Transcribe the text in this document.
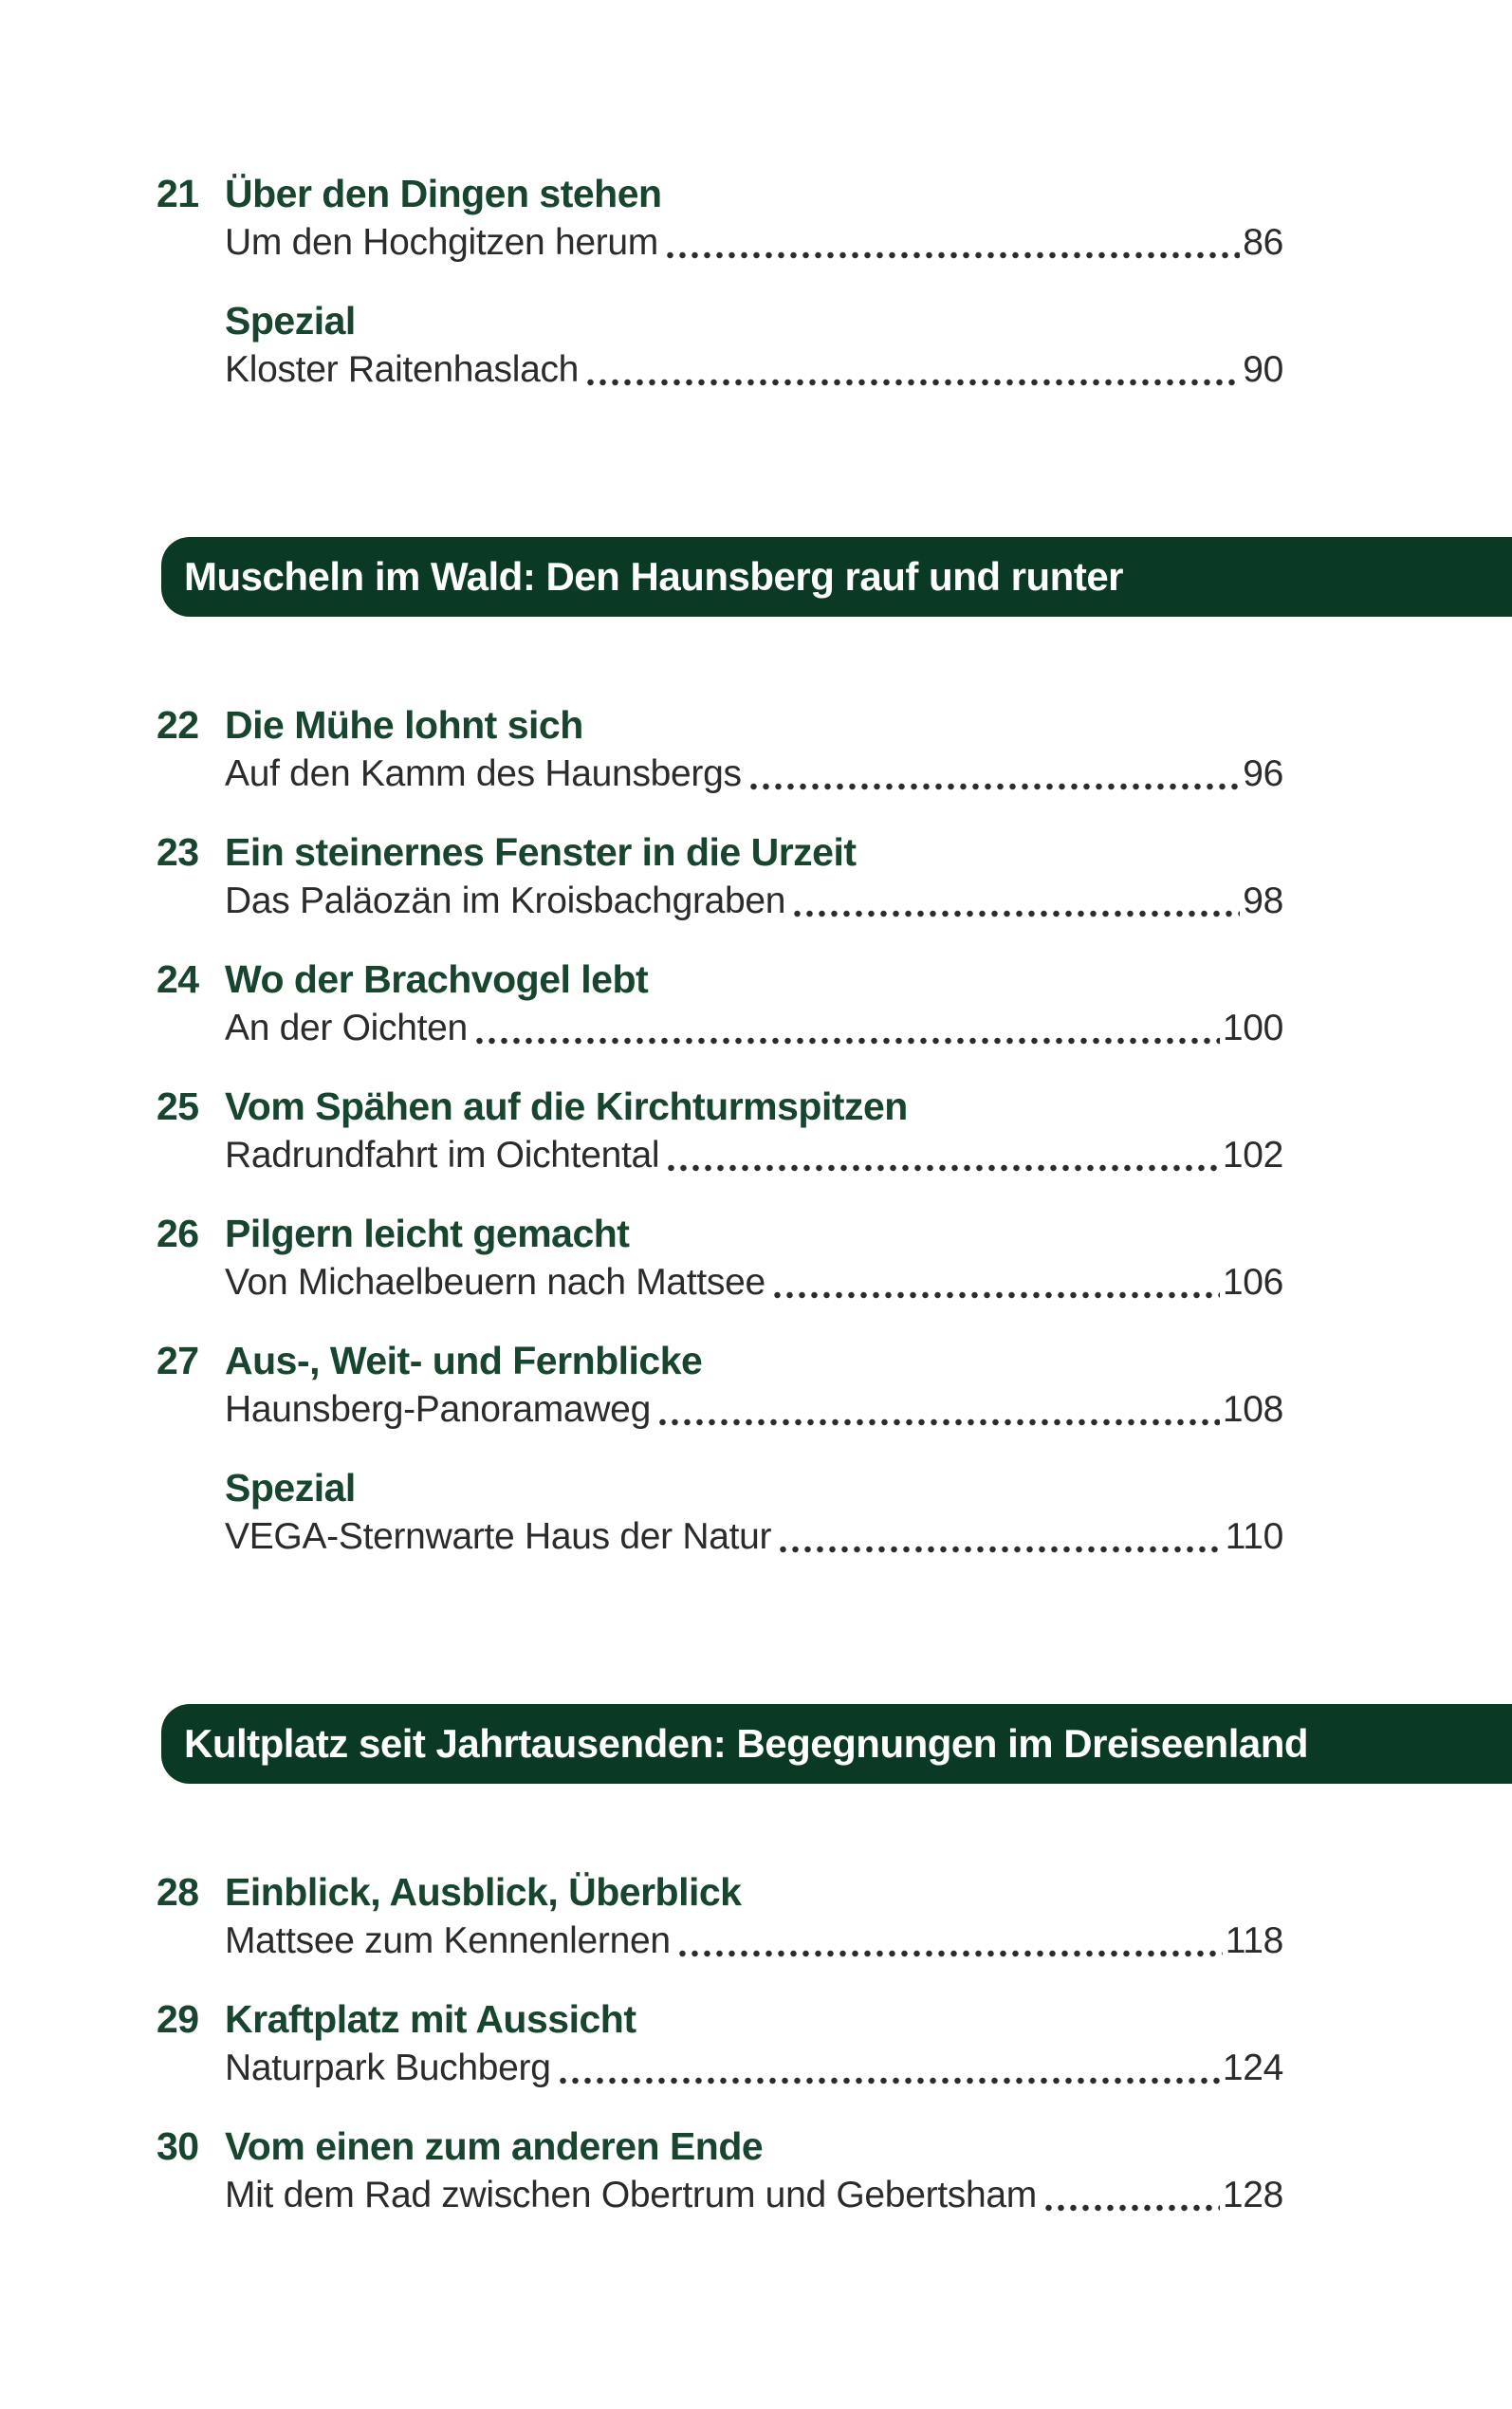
21 Über den Dingen stehen
Um den Hochgitzen herum	86
Spezial
Kloster Raitenhaslach	90
Muscheln im Wald: Den Haunsberg rauf und runter
22 Die Mühe lohnt sich
Auf den Kamm des Haunsbergs	96
23 Ein steinernes Fenster in die Urzeit
Das Paläozän im Kroisbachgraben	98
24 Wo der Brachvogel lebt
An der Oichten	100
25 Vom Spähen auf die Kirchturmspitzen
Radrundfahrt im Oichtental	102
26 Pilgern leicht gemacht
Von Michaelbeuern nach Mattsee	106
27 Aus-, Weit- und Fernblicke
Haunsberg-Panoramaweg	108
Spezial
VEGA-Sternwarte Haus der Natur	110
Kultplatz seit Jahrtausenden: Begegnungen im Dreiseenland
28 Einblick, Ausblick, Überblick
Mattsee zum Kennenlernen	118
29 Kraftplatz mit Aussicht
Naturpark Buchberg	124
30 Vom einen zum anderen Ende
Mit dem Rad zwischen Obertrum und Gebertsham	128
